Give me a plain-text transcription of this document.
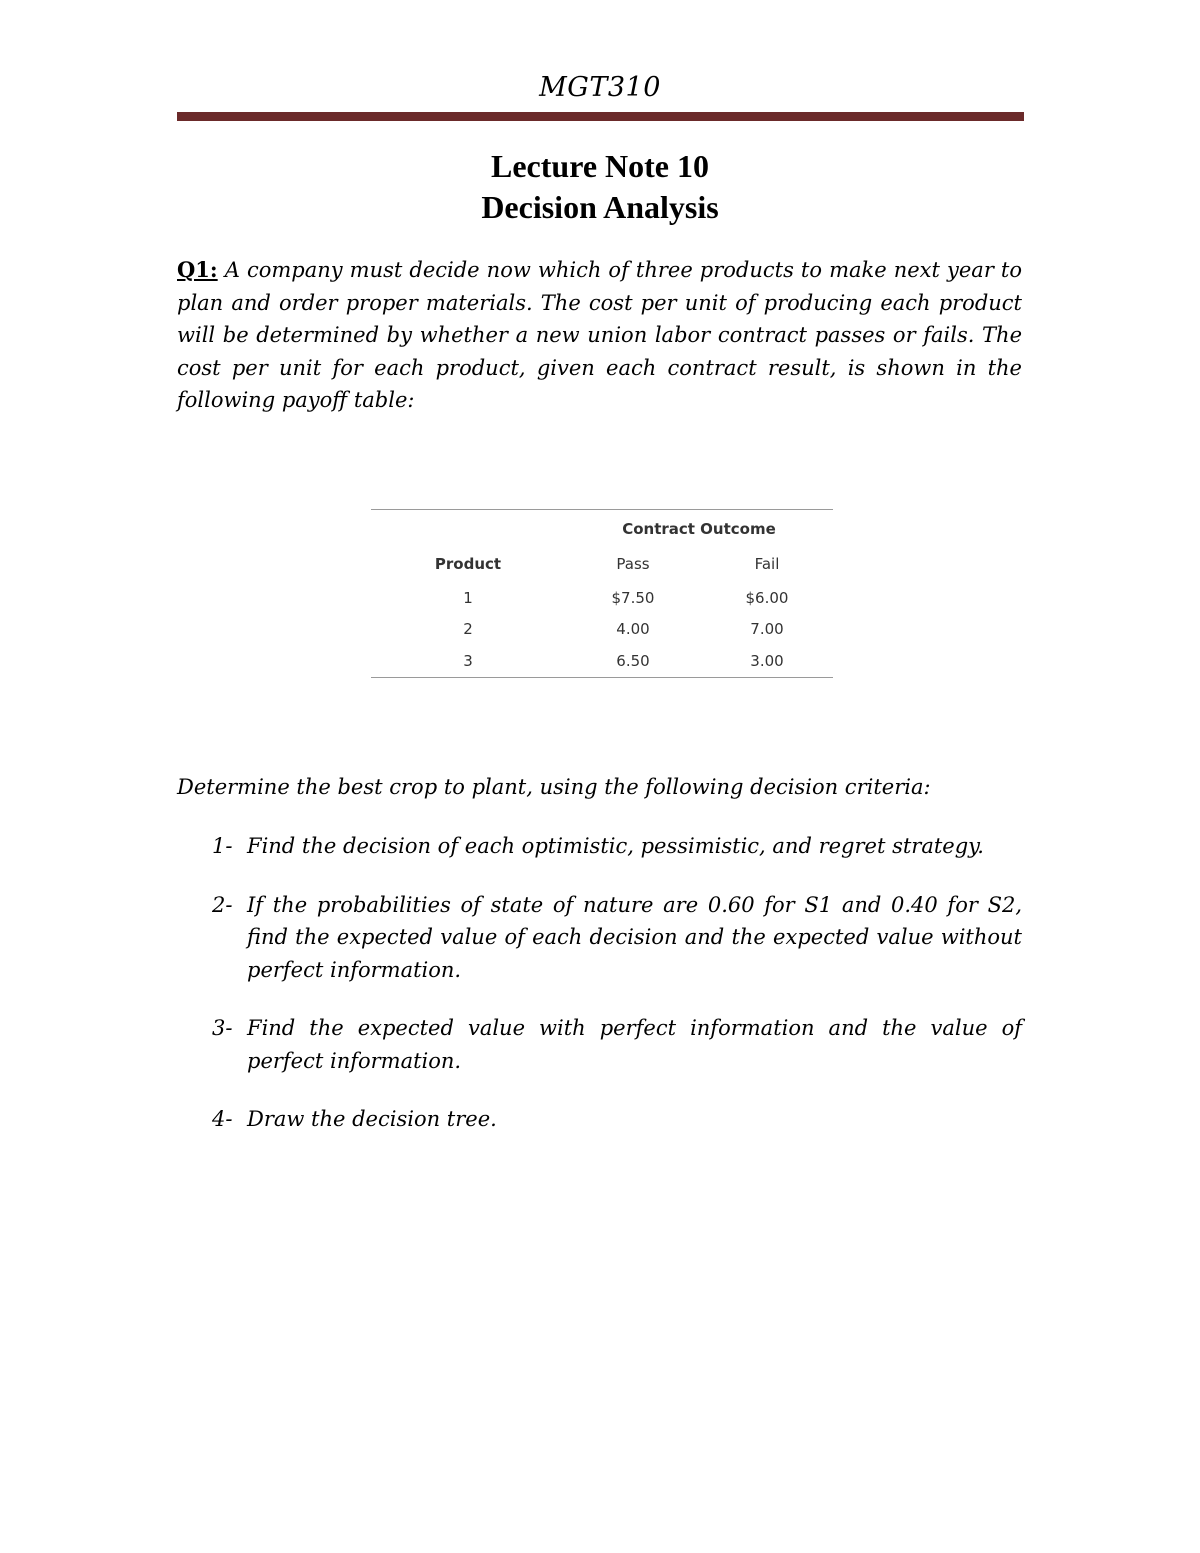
MGT310
Lecture Note 10
Decision Analysis
Q1: A company must decide now which of three products to make next year to plan and order proper materials. The cost per unit of producing each product will be determined by whether a new union labor contract passes or fails. The cost per unit for each product, given each contract result, is shown in the following payoff table:
	Contract Outcome	
Product	Pass	Fail
1	$7.50	$6.00
2	4.00	7.00
3	6.50	3.00
Determine the best crop to plant, using the following decision criteria:
1- Find the decision of each optimistic, pessimistic, and regret strategy.
2- If the probabilities of state of nature are 0.60 for S1 and 0.40 for S2, find the expected value of each decision and the expected value without perfect information.
3- Find the expected value with perfect information and the value of perfect information.
4- Draw the decision tree.
